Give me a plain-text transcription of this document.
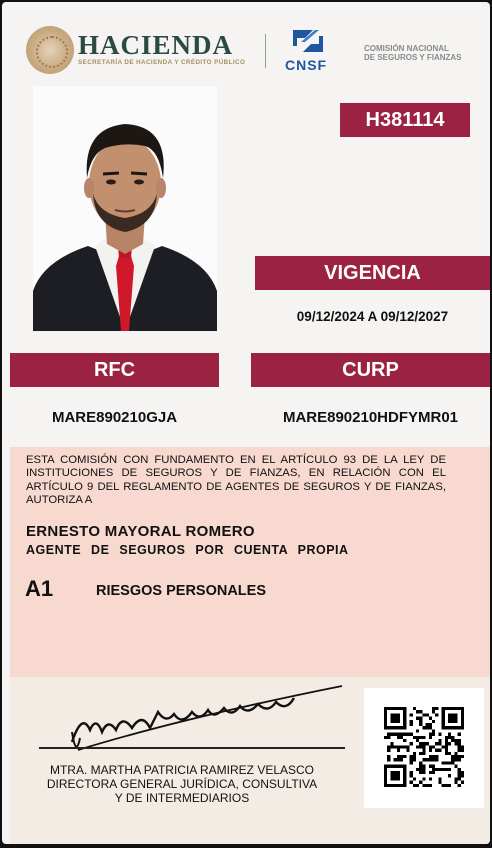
HACIENDA
SECRETARÍA DE HACIENDA Y CRÉDITO PÚBLICO	CNSF
COMISIÓN NACIONAL
DE SEGUROS Y FIANZAS
H381114
VIGENCIA
09/12/2024 A 09/12/2027
RFC	CURP
MARE890210GJA	MARE890210HDFYMR01
ESTA COMISIÓN CON FUNDAMENTO EN EL ARTÍCULO 93 DE LA LEY DE INSTITUCIONES DE SEGUROS Y DE FIANZAS, EN RELACIÓN CON EL ARTÍCULO 9 DEL REGLAMENTO DE AGENTES DE SEGUROS Y DE FIANZAS, AUTORIZA A
ERNESTO MAYORAL ROMERO
AGENTE DE SEGUROS POR CUENTA PROPIA
A1	RIESGOS PERSONALES
MTRA. MARTHA PATRICIA RAMIREZ VELASCO
DIRECTORA GENERAL JURÍDICA, CONSULTIVA
Y DE INTERMEDIARIOS
